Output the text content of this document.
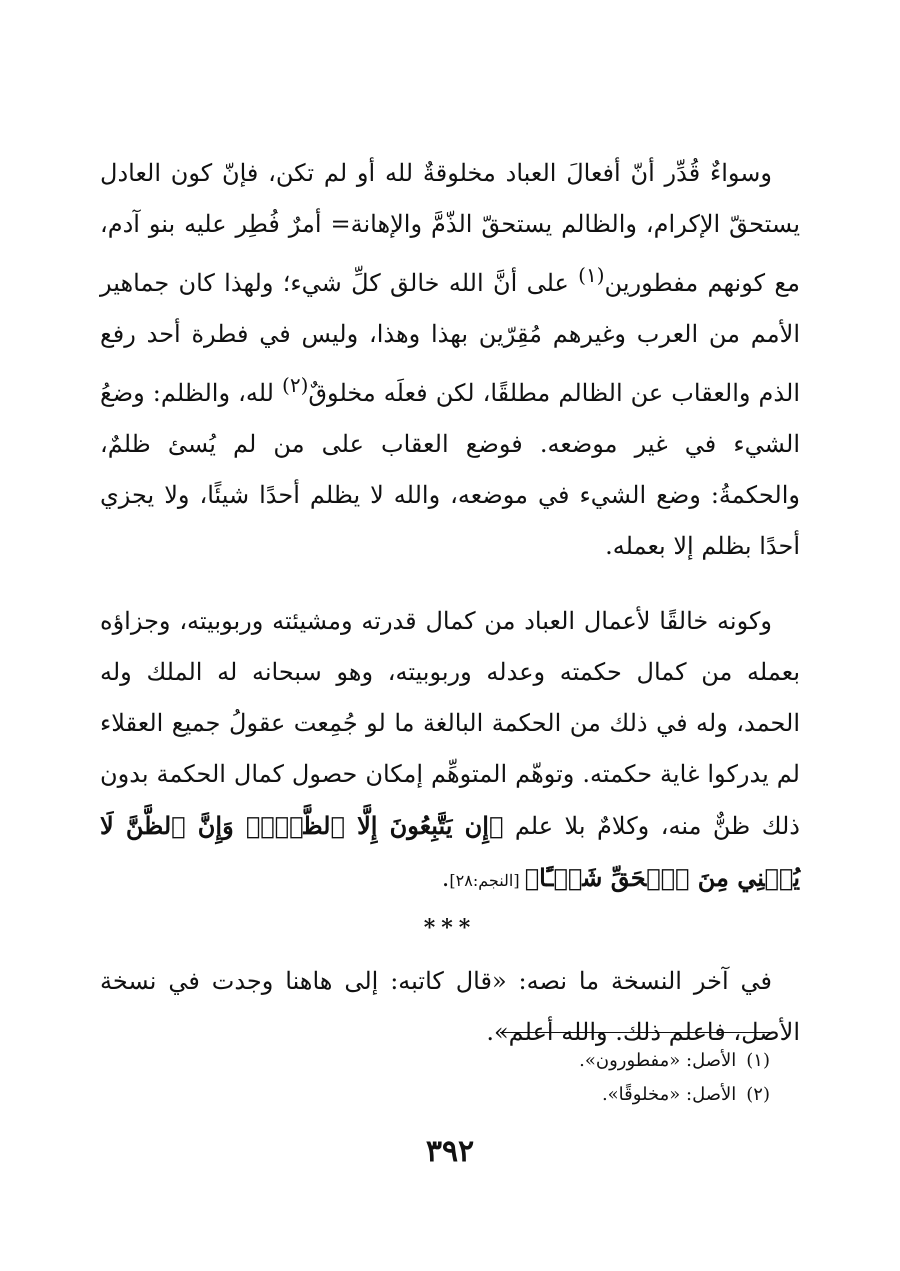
وسواءٌ قُدِّر أنّ أفعالَ العباد مخلوقةٌ لله أو لم تكن، فإنّ كون العادل يستحقّ الإكرام، والظالم يستحقّ الذّمَّ والإهانة= أمرٌ فُطِر عليه بنو آدم، مع كونهم مفطورين$^{(١)}$ على أنَّ الله خالق كلِّ شيء؛ ولهذا كان جماهير الأمم من العرب وغيرهم مُقِرّين بهذا وهذا، وليس في فطرة أحد رفع الذم والعقاب عن الظالم مطلقًا، لكن فعلَه مخلوقٌ$^{(٢)}$ لله، والظلم: وضعُ الشيء في غير موضعه. فوضع العقاب على من لم يُسئ ظلمٌ، والحكمةُ: وضع الشيء في موضعه، والله لا يظلم أحدًا شيئًا، ولا يجزي أحدًا بظلم إلا بعمله.

وكونه خالقًا لأعمال العباد من كمال قدرته ومشيئته وربوبيته، وجزاؤه بعمله من كمال حكمته وعدله وربوبيته، وهو سبحانه له الملك وله الحمد، وله في ذلك من الحكمة البالغة ما لو جُمِعت عقولُ جميع العقلاء لم يدركوا غاية حكمته. وتوهّم المتوهِّم إمكان حصول كمال الحكمة بدون ذلك ظنٌّ منه، وكلامٌ بلا علم ﴿إِن يَتَّبِعُونَ إِلَّا ٱلظَّنَّۖ وَإِنَّ ٱلظَّنَّ لَا يُغۡنِي مِنَ ٱلۡحَقِّ شَيۡـًٔا﴾ [النجم:٢٨].

***

في آخر النسخة ما نصه: «قال كاتبه: إلى هاهنا وجدت في نسخة الأصل، فاعلم ذلك. والله أعلم».

(١)الأصل: «مفطورون».
(٢)الأصل: «مخلوقًا».
٣٩٢
